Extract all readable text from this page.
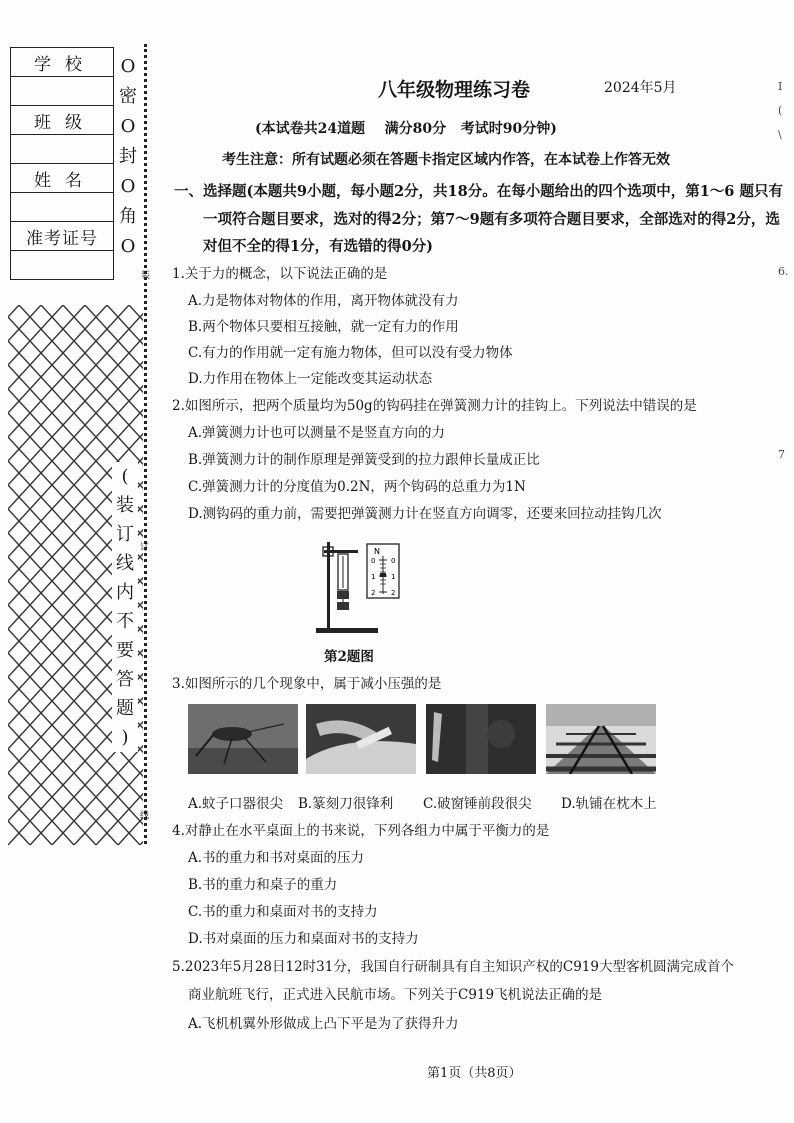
学校

班级

姓名

准考证号

O
密
O
封
O
角
O
装
(
装
订
线
内
不
要
答
题
)
订
线
八年级物理练习卷	2024年5月
(本试卷共24道题    满分80分   考试时90分钟)
考生注意：所有试题必须在答题卡指定区域内作答，在本试卷上作答无效
一、选择题(本题共9小题，每小题2分，共18分。在每小题给出的四个选项中，第1～6 题只有
一项符合题目要求，选对的得2分；第7～9题有多项符合题目要求，全部选对的得2分，选
对但不全的得1分，有选错的得0分)
1.关于力的概念，以下说法正确的是
A.力是物体对物体的作用，离开物体就没有力
B.两个物体只要相互接触，就一定有力的作用
C.有力的作用就一定有施力物体，但可以没有受力物体
D.力作用在物体上一定能改变其运动状态
2.如图所示，把两个质量均为50g的钩码挂在弹簧测力计的挂钩上。下列说法中错误的是
A.弹簧测力计也可以测量不是竖直方向的力
B.弹簧测力计的制作原理是弹簧受到的拉力跟伸长量成正比
C.弹簧测力计的分度值为0.2N，两个钩码的总重力为1N
D.测钩码的重力前，需要把弹簧测力计在竖直方向调零，还要来回拉动挂钩几次
N
0 0
1 1
2 2
第2题图
3.如图所示的几个现象中，属于减小压强的是
A.蚊子口器很尖 B.篆刻刀很锋利 C.破窗锤前段很尖 D.轨铺在枕木上
4.对静止在水平桌面上的书来说，下列各组力中属于平衡力的是
A.书的重力和书对桌面的压力
B.书的重力和桌子的重力
C.书的重力和桌面对书的支持力
D.书对桌面的压力和桌面对书的支持力
5.2023年5月28日12时31分，我国自行研制具有自主知识产权的C919大型客机圆满完成首个
商业航班飞行，正式进入民航市场。下列关于C919飞机说法正确的是
A.飞机机翼外形做成上凸下平是为了获得升力
第1页（共8页）
I
(
\
6.
7
